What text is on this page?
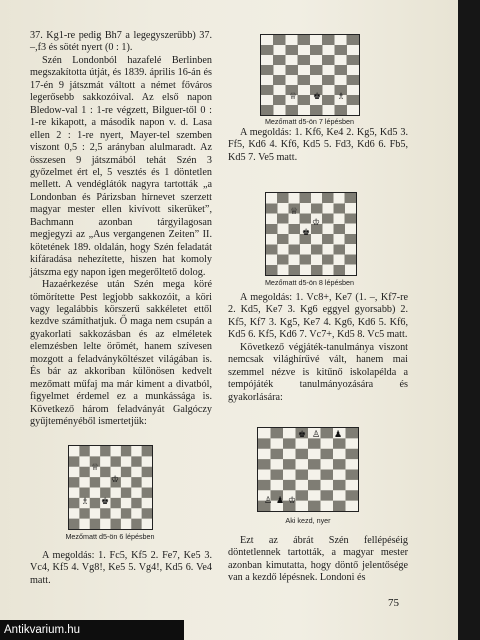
37. Kg1-re pedig Bh7 a legegyszerűbb) 37. –,f3 és sötét nyert (0 : 1).

Szén Londonból hazafelé Berlinben megszakította útját, és 1839. április 16-án és 17-én 9 játszmát váltott a német főváros legerősebb sakkozóival. Az első napon Bledow-val 1 : 1-re végzett, Bilguer-től 0 : 1-re kikapott, a második napon v. d. Lasa ellen 2 : 1-re nyert, Mayer-tel szemben viszont 0,5 : 2,5 arányban alulmaradt. Az összesen 9 játszmából tehát Szén 3 győzelmet ért el, 5 vesztés és 1 döntetlen mellett. A vendéglátók nagyra tartották „a Londonban és Párizsban hírnevet szerzett magyar mester ellen kivívott sikerüket”, Bachmann azonban tárgyilagosan megjegyzi az „Aus vergangenen Zeiten” II. kötetének 189. oldalán, hogy Szén feladatát kifáradása nehezítette, hiszen hat komoly játszma egy napon igen megerőltető dolog.

Hazaérkezése után Szén mega köré tömörítette Pest legjobb sakkozóit, a köri vagy legalábbis körszerű sakkéletet ettől kezdve számíthatjuk. Ő maga nem csupán a gyakorlati sakkozásban és az elméletek elemzésben lelte örömét, hanem szívesen mozgott a feladványköltészet világában is. És bár az akkoriban különösen kedvelt mezőmatt műfaj ma már kiment a divatból, figyelmet érdemel ez a munkássága is. Következő három feladványát Galgóczy gyűjteményéből ismertetjük:

♕
♔
♗ ♚
Mezőmatt d5-ön 6 lépésben

A megoldás: 1. Fc5, Kf5 2. Fe7, Ke5 3. Vc4, Kf5 4. Vg8!, Ke5 5. Vg4!, Kd5 6. Ve4 matt.

♕ ♚ ♗
Mezőmatt d5-ön 7 lépésben

A megoldás: 1. Kf6, Ke4 2. Kg5, Kd5 3. Ff5, Kd6 4. Kf6, Kd5 5. Fd3, Kd6 6. Fb5, Kd5 7. Ve5 matt.

♕
♔
♚
Mezőmatt d5-ön 8 lépésben

A megoldás: 1. Vc8+, Ke7 (1. –, Kf7-re 2. Kd5, Ke7 3. Kg6 eggyel gyorsabb) 2. Kf5, Kf7 3. Kg5, Ke7 4. Kg6, Kd6 5. Kf6, Kd5 6. Kf5, Kd6 7. Vc7+, Kd5 8. Vc5 matt.

Következő végjáték-tanulmánya viszont nemcsak világhírűvé vált, hanem mai szemmel nézve is kitűnő iskolapélda a tempójáték tanulmányozására és gyakorlására:

♚ ♙ ♟
♙ ♟ ♔
Aki kezd, nyer

Ezt az ábrát Szén fellépéséig döntetlennek tartották, a magyar mester azonban kimutatta, hogy döntő jelentősége van a kezdő lépésnek. Londoni és

75
Antikvarium.hu
